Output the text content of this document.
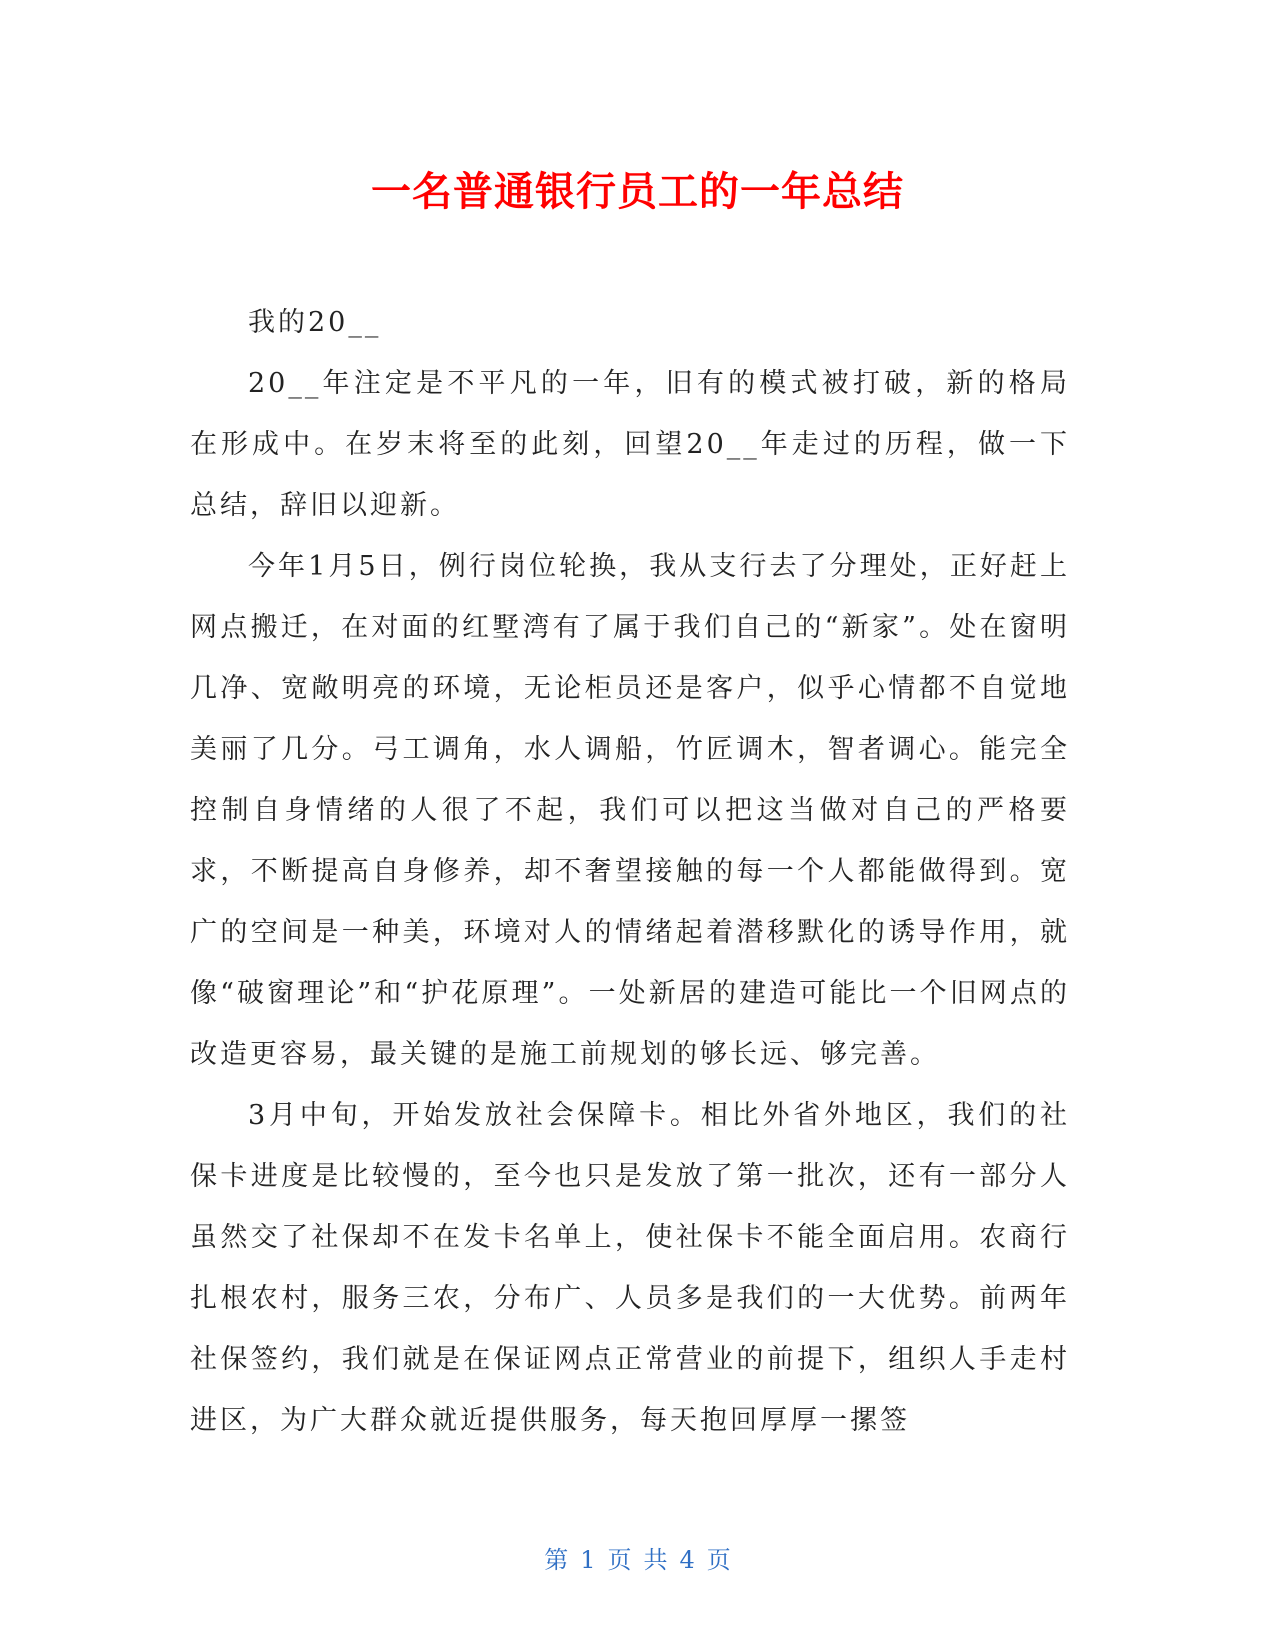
一名普通银行员工的一年总结

我的20__

20__年注定是不平凡的一年，旧有的模式被打破，新的格局在形成中。在岁末将至的此刻，回望20__年走过的历程，做一下总结，辞旧以迎新。

今年1月5日，例行岗位轮换，我从支行去了分理处，正好赶上网点搬迁，在对面的红墅湾有了属于我们自己的“新家”。处在窗明几净、宽敞明亮的环境，无论柜员还是客户，似乎心情都不自觉地美丽了几分。弓工调角，水人调船，竹匠调木，智者调心。能完全控制自身情绪的人很了不起，我们可以把这当做对自己的严格要求，不断提高自身修养，却不奢望接触的每一个人都能做得到。宽广的空间是一种美，环境对人的情绪起着潜移默化的诱导作用，就像“破窗理论”和“护花原理”。一处新居的建造可能比一个旧网点的改造更容易，最关键的是施工前规划的够长远、够完善。

3月中旬，开始发放社会保障卡。相比外省外地区，我们的社保卡进度是比较慢的，至今也只是发放了第一批次，还有一部分人虽然交了社保却不在发卡名单上，使社保卡不能全面启用。农商行扎根农村，服务三农，分布广、人员多是我们的一大优势。前两年社保签约，我们就是在保证网点正常营业的前提下，组织人手走村进区，为广大群众就近提供服务，每天抱回厚厚一摞签

第 1 页 共 4 页
